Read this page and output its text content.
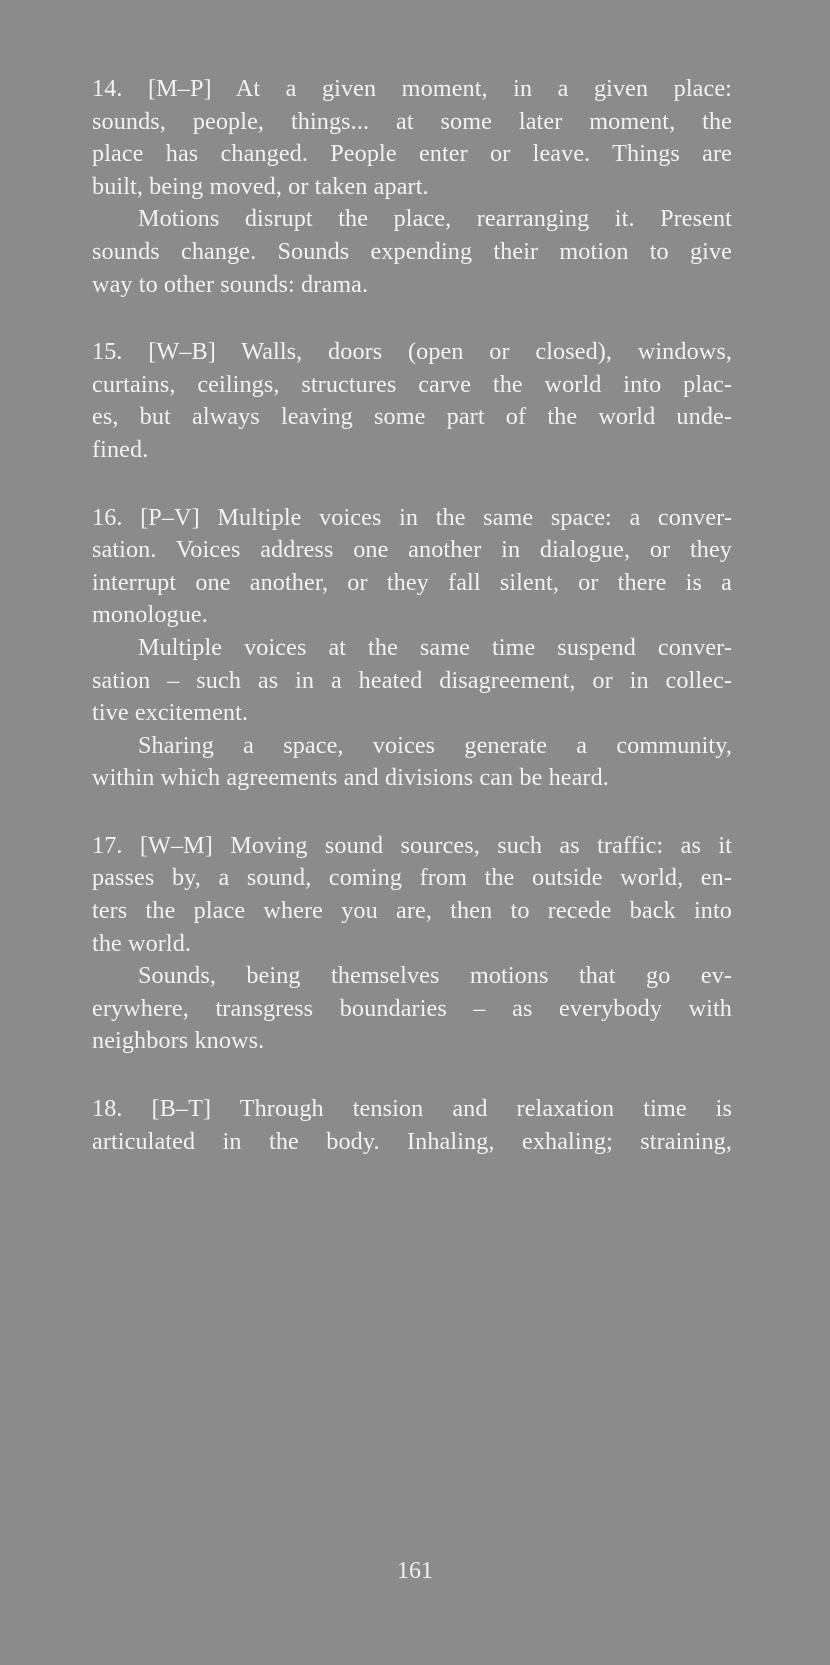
14. [M–P] At a given moment, in a given place:
sounds, people, things... at some later moment, the
place has changed. People enter or leave. Things are
built, being moved, or taken apart.
Motions disrupt the place, rearranging it. Present
sounds change. Sounds expending their motion to give
way to other sounds: drama.
15. [W–B] Walls, doors (open or closed), windows,
curtains, ceilings, structures carve the world into plac-
es, but always leaving some part of the world unde-
fined.
16. [P–V] Multiple voices in the same space: a conver-
sation. Voices address one another in dialogue, or they
interrupt one another, or they fall silent, or there is a
monologue.
Multiple voices at the same time suspend conver-
sation – such as in a heated disagreement, or in collec-
tive excitement.
Sharing a space, voices generate a community,
within which agreements and divisions can be heard.
17. [W–M] Moving sound sources, such as traffic: as it
passes by, a sound, coming from the outside world, en-
ters the place where you are, then to recede back into
the world.
Sounds, being themselves motions that go ev-
erywhere, transgress boundaries – as everybody with
neighbors knows.
18. [B–T] Through tension and relaxation time is
articulated in the body. Inhaling, exhaling; straining,
161
